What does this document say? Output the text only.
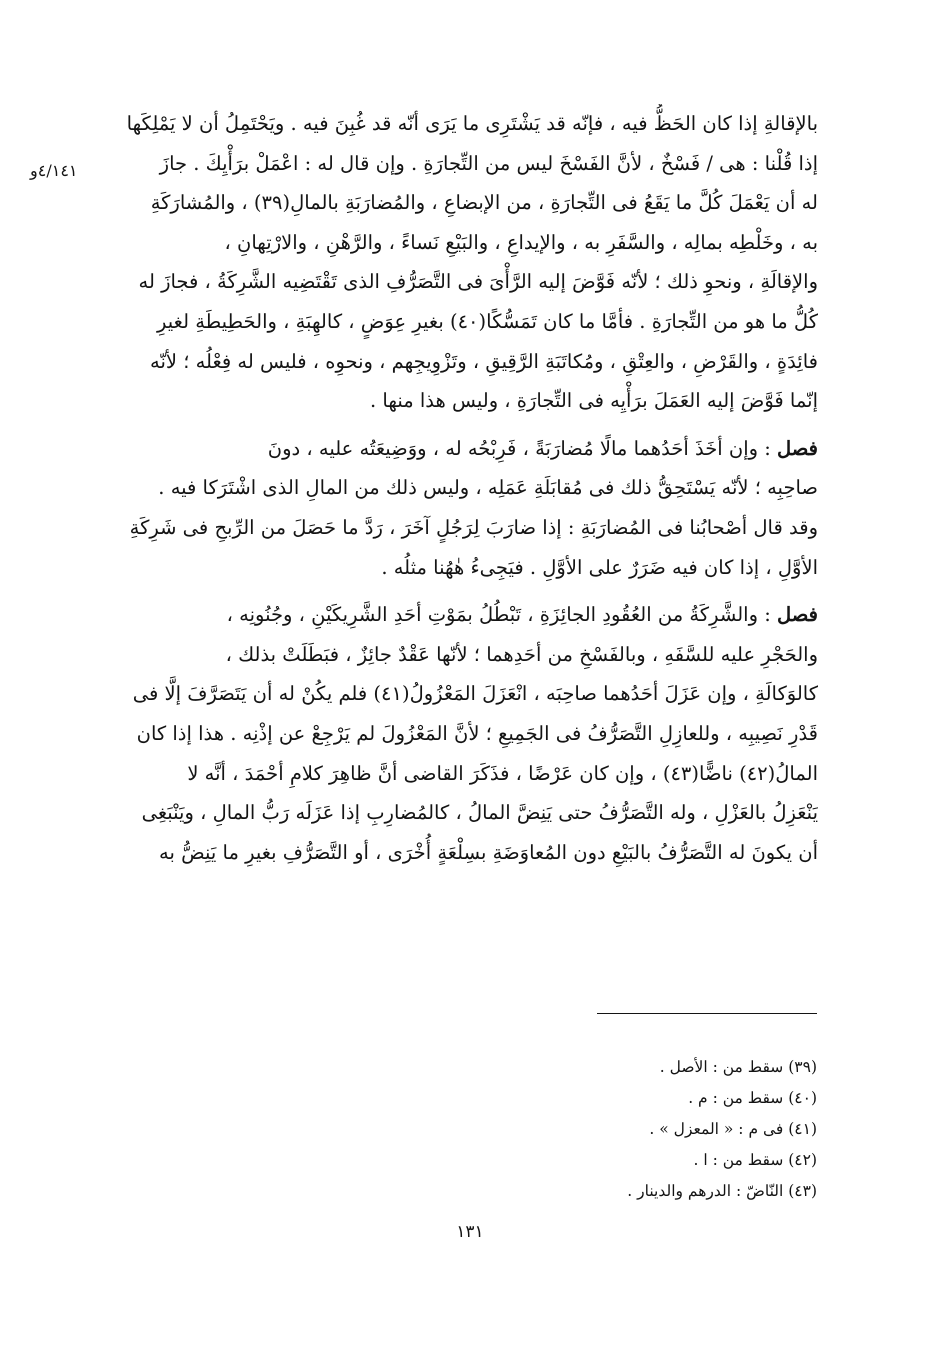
٤/١٤١و

بالإقالةِ إذا كان الحَظُّ فيه ، فإنّه قد يَشْتَرِى ما يَرَى أنّه قد غُبِنَ فيه . ويَحْتَمِلُ أن لا يَمْلِكَها
إذا قُلْنا : هى / فَسْخٌ ، لأنَّ الفَسْخَ ليس من التِّجارَةِ . وإن قال له : اعْمَلْ برَأْيِكَ . جازَ
له أن يَعْمَلَ كُلَّ ما يَقَعُ فى التِّجارَةِ ، من الإبضاعِ ، والمُضارَبَةِ بالمالِ(٣٩) ، والمُشارَكَةِ
به ، وخَلْطِه بمالِه ، والسَّفَرِ به ، والإيداعِ ، والبَيْعِ نَساءً ، والرَّهْنِ ، والارْتِهانِ ،
والإقالَةِ ، ونحوِ ذلك ؛ لأنّه فَوَّضَ إليه الرَّأْىَ فى التَّصَرُّفِ الذى تَقْتَضِيه الشَّرِكَةُ ، فجازَ له
كُلُّ ما هو من التِّجارَةِ . فأمَّا ما كان تَمَسُّكًا(٤٠) بغيرِ عِوَضٍ ، كالهِبَةِ ، والحَطِيطَةِ لغيرِ
فائِدَةٍ ، والقَرْضِ ، والعِتْقِ ، ومُكاتَبَةِ الرَّقِيقِ ، وتَزْوِيجِهم ، ونحوِه ، فليس له فِعْلُه ؛ لأنّه
إنّما فَوَّضَ إليه العَمَلَ برَأْيِه فى التِّجارَةِ ، وليس هذا منها .

فصل : وإن أخَذَ أحَدُهما مالًا مُضارَبَةً ، فَرِبْحُه له ، ووَضِيعَتُه عليه ، دونَ
صاحِبِه ؛ لأنّه يَسْتَحِقُّ ذلك فى مُقابَلَةِ عَمَلِه ، وليس ذلك من المالِ الذى اشْتَرَكا فيه .
وقد قال أصْحابُنا فى المُضارَبَةِ : إذا ضارَبَ لِرَجُلٍ آخَرَ ، رَدَّ ما حَصَلَ من الرِّبحِ فى شَرِكَةِ
الأوَّلِ ، إذا كان فيه ضَرَرٌ على الأوَّلِ . فيَجِىءُ هٰهُنا مثلُه .

فصل : والشَّرِكَةُ من العُقُودِ الجائِزَةِ ، تَبْطُلُ بمَوْتِ أحَدِ الشَّرِيكَيْنِ ، وجُنُونِه ،
والحَجْرِ عليه للسَّفَهِ ، وبالفَسْخِ من أحَدِهما ؛ لأنّها عَقْدٌ جائِزٌ ، فبَطَلَتْ بذلك ،
كالوَكالَةِ ، وإن عَزَلَ أحَدُهما صاحِبَه ، انْعَزَلَ المَعْزُولُ(٤١) فلم يكُنْ له أن يَتَصَرَّفَ إلَّا فى
قَدْرِ نَصِيبِه ، وللعازِلِ التَّصَرُّفُ فى الجَمِيعِ ؛ لأنَّ المَعْزُولَ لم يَرْجِعْ عن إذْنِه . هذا إذا كان
المالُ(٤٢) ناضًّا(٤٣) ، وإن كان عَرْضًا ، فذَكَرَ القاضى أنَّ ظاهِرَ كلامِ أحْمَدَ ، أنَّه لا
يَنْعَزِلُ بالعَزْلِ ، وله التَّصَرُّفُ حتى يَنِضَّ المالُ ، كالمُضارِبِ إذا عَزَلَه رَبُّ المالِ ، ويَنْبَغِى
أن يكونَ له التَّصَرُّفُ بالبَيْعِ دون المُعاوَضَةِ بسِلْعَةٍ أُخْرَى ، أو التَّصَرُّفِ بغيرِ ما يَنِضُّ به

(٣٩) سقط من : الأصل .
(٤٠) سقط من : م .
(٤١) فى م : « المعزل » .
(٤٢) سقط من : ا .
(٤٣) النّاضّ : الدرهم والدينار .
١٣١
